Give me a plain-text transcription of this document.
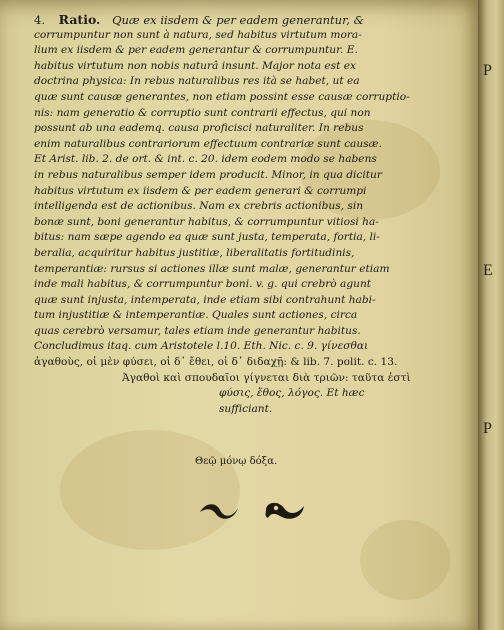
4. Ratio. Quæ ex iisdem & per eadem generantur, &
corrumpuntur non sunt à natura, sed habitus virtutum mora-
lium ex iisdem & per eadem generantur & corrumpuntur. E.
habitus virtutum non nobis naturâ insunt. Major nota est ex
doctrina physica: In rebus naturalibus res ità se habet, ut ea
quæ sunt causæ generantes, non etiam possint esse causæ corruptio-
nis: nam generatio & corruptio sunt contrarii effectus, qui non
possunt ab una eademq. causa proficisci naturaliter. In rebus
enim naturalibus contrariorum effectuum contrariæ sunt causæ.
Et Arist. lib. 2. de ort. & int. c. 20. idem eodem modo se habens
in rebus naturalibus semper idem producit. Minor, in qua dicitur
habitus virtutum ex iisdem & per eadem generari & corrumpi
intelligenda est de actionibus. Nam ex crebris actionibus, sin
bonæ sunt, boni generantur habitus, & corrumpuntur vitiosi ha-
bitus: nam sæpe agendo ea quæ sunt justa, temperata, fortia, li-
beralia, acquiritur habitus justitiæ, liberalitatis fortitudinis,
temperantiæ: rursus si actiones illæ sunt malæ, generantur etiam
inde mali habitus, & corrumpuntur boni. v. g. qui crebrò agunt
quæ sunt injusta, intemperata, inde etiam sibi contrahunt habi-
tum injustitiæ & intemperantiæ. Quales sunt actiones, circa
quas cerebrò versamur, tales etiam inde generantur habitus.
Concludimus itaq. cum Aristotele l.10. Eth. Nic. c. 9. γίνεσθαι
ἀγαθοὺς, οἱ μὲν φύσει, οἱ δ᾽ ἔθει, οἱ δ᾽ διδαχῇ: & lib. 7. polit. c. 13.
Ἀγαθοὶ καὶ σπουδαῖοι γίγνεται διὰ τριῶν: ταῦτα ἐστὶ
φύσις, ἔθος, λόγος. Et hæc
sufficiant.
Θεῷ μόνῳ δόξα.
P
E
P
